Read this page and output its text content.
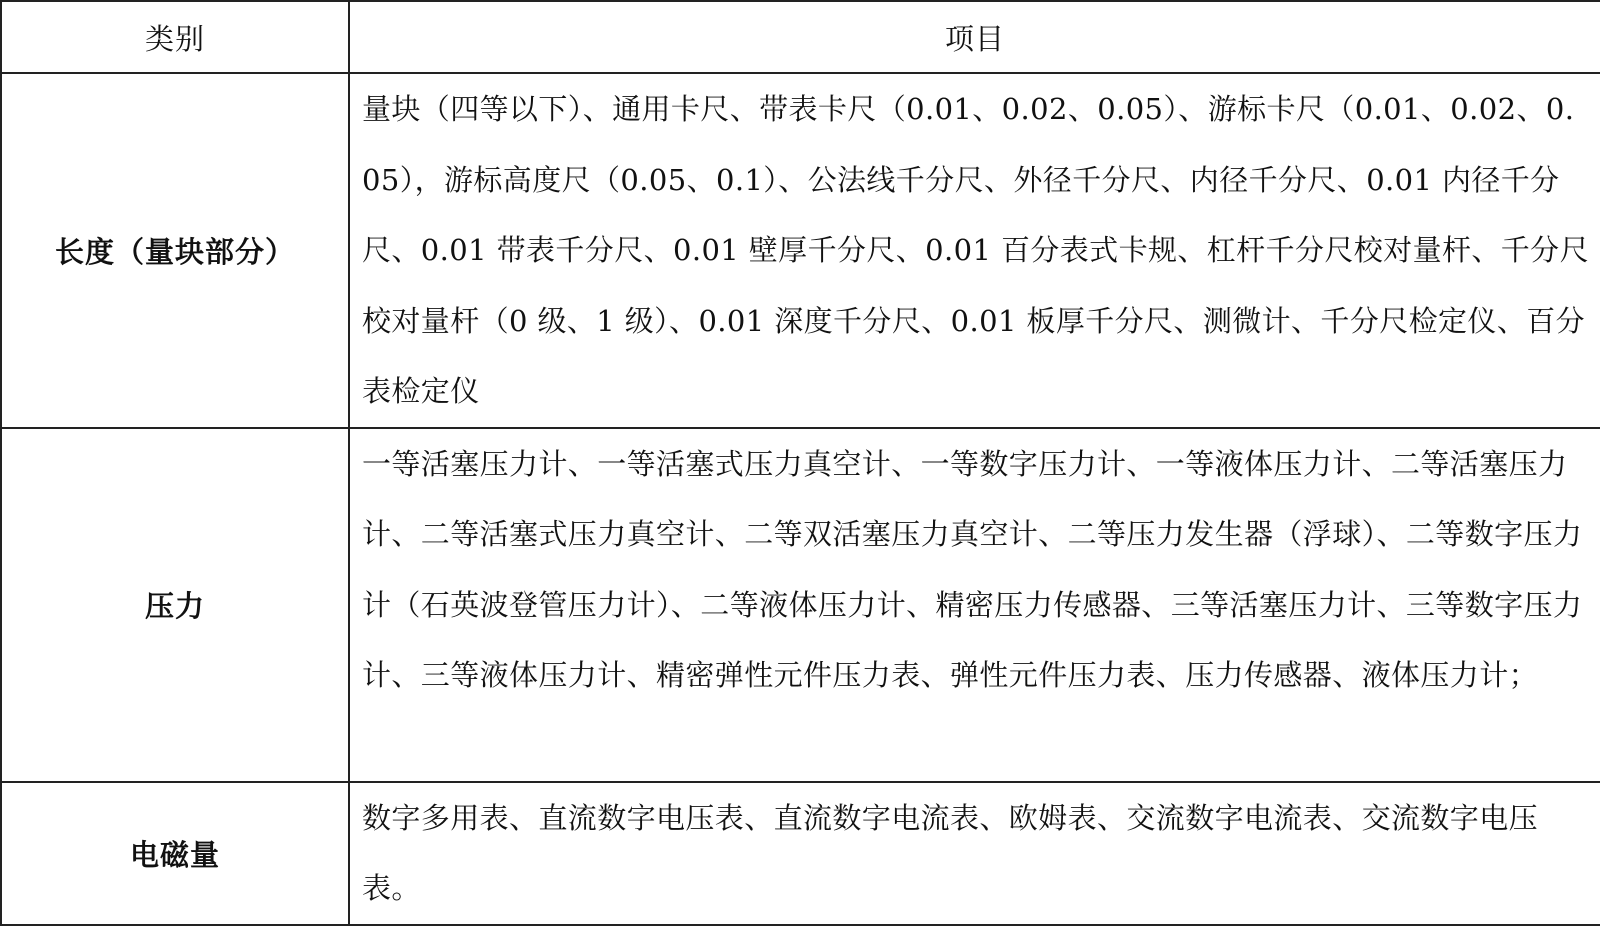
类别	项目
长度（量块部分）	量块（四等以下）、通用卡尺、带表卡尺（0.01、0.02、0.05）、游标卡尺（0.01、0.02、0.05），游标高度尺（0.05、0.1）、公法线千分尺、外径千分尺、内径千分尺、0.01 内径千分尺、0.01 带表千分尺、0.01 壁厚千分尺、0.01 百分表式卡规、杠杆千分尺校对量杆、千分尺校对量杆（0 级、1 级）、0.01 深度千分尺、0.01 板厚千分尺、测微计、千分尺检定仪、百分表检定仪
压力	一等活塞压力计、一等活塞式压力真空计、一等数字压力计、一等液体压力计、二等活塞压力计、二等活塞式压力真空计、二等双活塞压力真空计、二等压力发生器（浮球）、二等数字压力计（石英波登管压力计）、二等液体压力计、精密压力传感器、三等活塞压力计、三等数字压力计、三等液体压力计、精密弹性元件压力表、弹性元件压力表、压力传感器、液体压力计；
电磁量	数字多用表、直流数字电压表、直流数字电流表、欧姆表、交流数字电流表、交流数字电压表。
